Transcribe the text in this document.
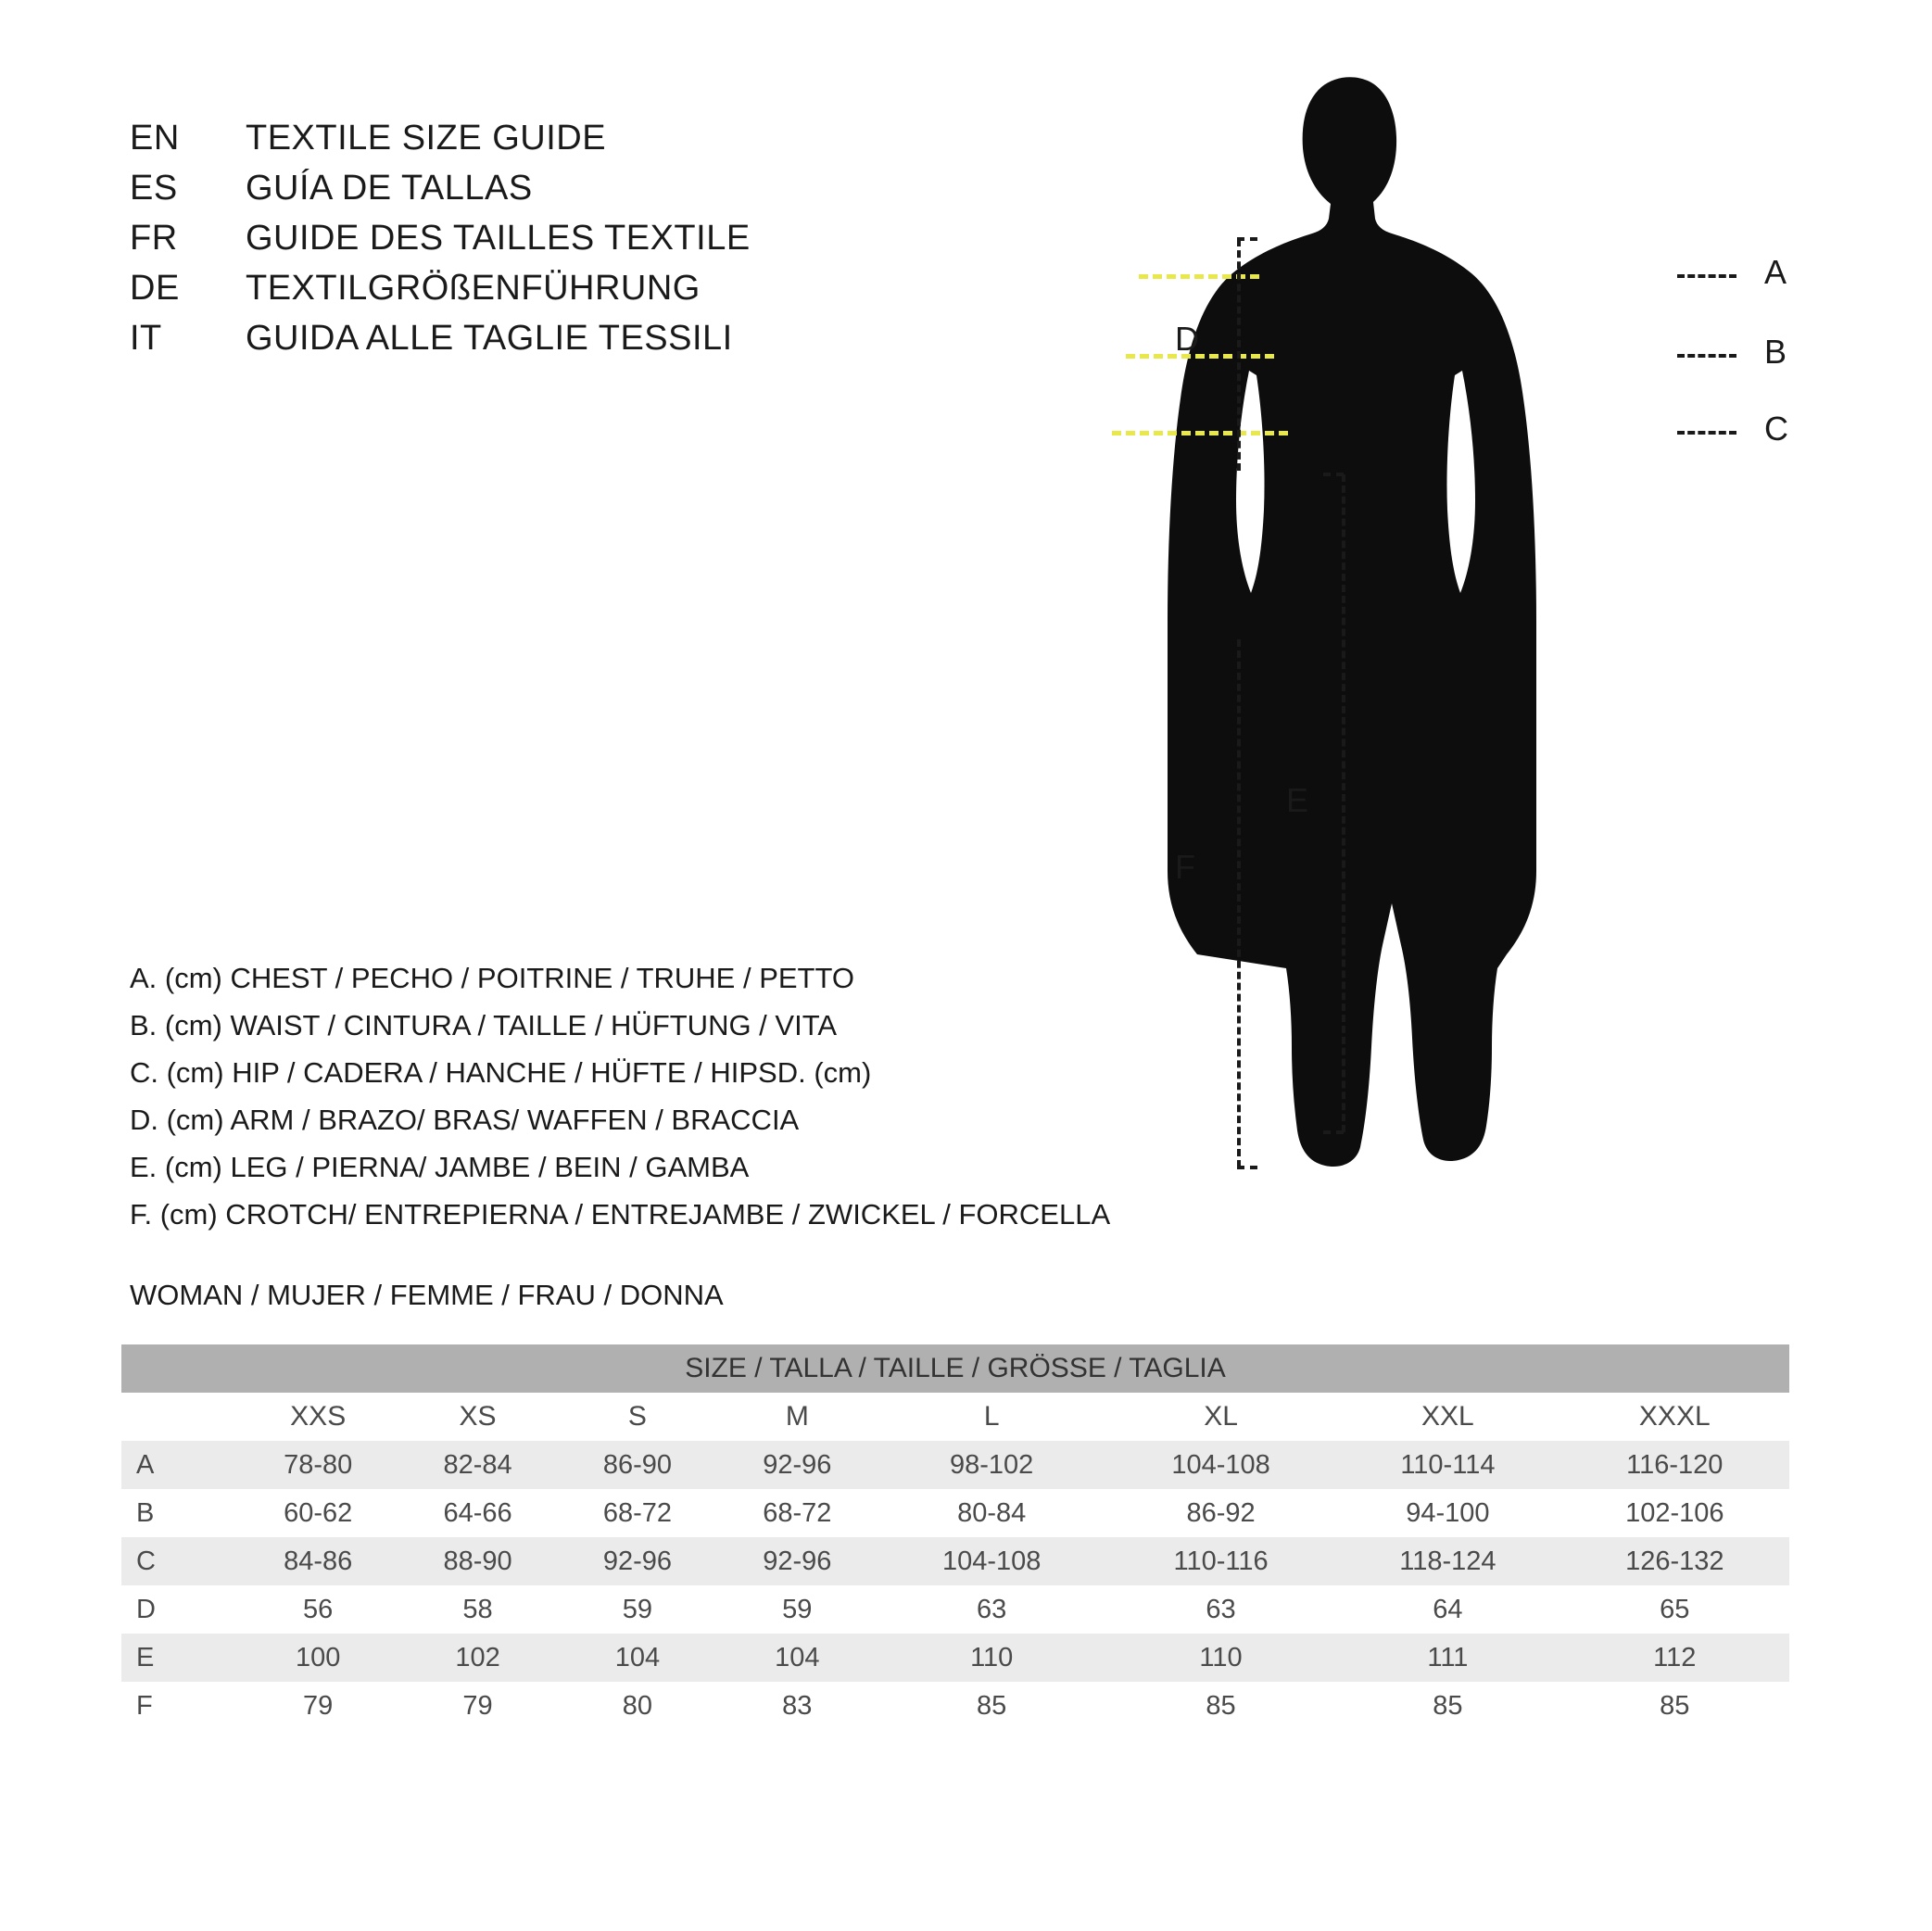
EN	TEXTILE SIZE GUIDE
ES	GUÍA DE TALLAS
FR	GUIDE DES TAILLES TEXTILE
DE	TEXTILGRÖßENFÜHRUNG
IT	GUIDA ALLE TAGLIE TESSILI
A
B
C
D
F
E
A. (cm) CHEST / PECHO / POITRINE / TRUHE / PETTO
B. (cm) WAIST / CINTURA / TAILLE / HÜFTUNG / VITA
C. (cm) HIP / CADERA / HANCHE / HÜFTE / HIPSD. (cm)
D. (cm) ARM / BRAZO/ BRAS/ WAFFEN / BRACCIA
E. (cm) LEG / PIERNA/ JAMBE / BEIN / GAMBA
F. (cm) CROTCH/ ENTREPIERNA / ENTREJAMBE / ZWICKEL / FORCELLA
WOMAN / MUJER / FEMME / FRAU / DONNA
SIZE / TALLA / TAILLE / GRÖSSE / TAGLIA								
	XXS	XS	S	M	L	XL	XXL	XXXL
A	78-80	82-84	86-90	92-96	98-102	104-108	110-114	116-120
B	60-62	64-66	68-72	68-72	80-84	86-92	94-100	102-106
C	84-86	88-90	92-96	92-96	104-108	110-116	118-124	126-132
D	56	58	59	59	63	63	64	65
E	100	102	104	104	110	110	111	112
F	79	79	80	83	85	85	85	85
